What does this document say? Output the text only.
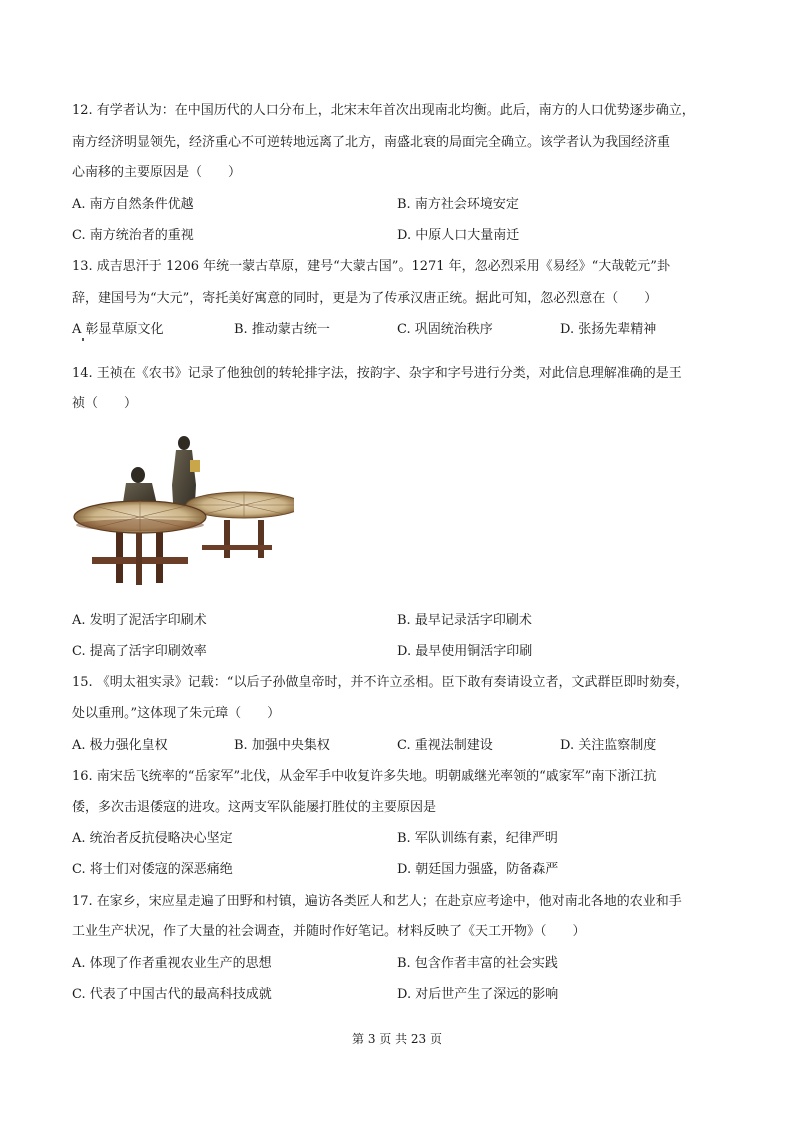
12. 有学者认为：在中国历代的人口分布上，北宋末年首次出现南北均衡。此后，南方的人口优势逐步确立，
南方经济明显领先，经济重心不可逆转地远离了北方，南盛北衰的局面完全确立。该学者认为我国经济重
心南移的主要原因是（　　）
A. 南方自然条件优越	B. 南方社会环境安定
C. 南方统治者的重视	D. 中原人口大量南迁
13. 成吉思汗于 1206 年统一蒙古草原，建号“大蒙古国”。1271 年，忽必烈采用《易经》“大哉乾元”卦
辞，建国号为“大元”，寄托美好寓意的同时，更是为了传承汉唐正统。据此可知，忽必烈意在（　　）
A 彰显草原文化	B. 推动蒙古统一	C. 巩固统治秩序	D. 张扬先辈精神
14. 王祯在《农书》记录了他独创的转轮排字法，按韵字、杂字和字号进行分类，对此信息理解准确的是王
祯（　　）
A. 发明了泥活字印刷术	B. 最早记录活字印刷术
C. 提高了活字印刷效率	D. 最早使用铜活字印刷
15. 《明太祖实录》记载：“以后子孙做皇帝时，并不许立丞相。臣下敢有奏请设立者，文武群臣即时劾奏，
处以重刑。”这体现了朱元璋（　　）
A. 极力强化皇权	B. 加强中央集权	C. 重视法制建设	D. 关注监察制度
16. 南宋岳飞统率的“岳家军”北伐，从金军手中收复许多失地。明朝戚继光率领的“戚家军”南下浙江抗
倭，多次击退倭寇的进攻。这两支军队能屡打胜仗的主要原因是
A. 统治者反抗侵略决心坚定	B. 军队训练有素，纪律严明
C. 将士们对倭寇的深恶痛绝	D. 朝廷国力强盛，防备森严
17. 在家乡，宋应星走遍了田野和村镇，遍访各类匠人和艺人；在赴京应考途中，他对南北各地的农业和手
工业生产状况，作了大量的社会调查，并随时作好笔记。材料反映了《天工开物》（　　）
A. 体现了作者重视农业生产的思想	B. 包含作者丰富的社会实践
C. 代表了中国古代的最高科技成就	D. 对后世产生了深远的影响
第 3 页 共 23 页
